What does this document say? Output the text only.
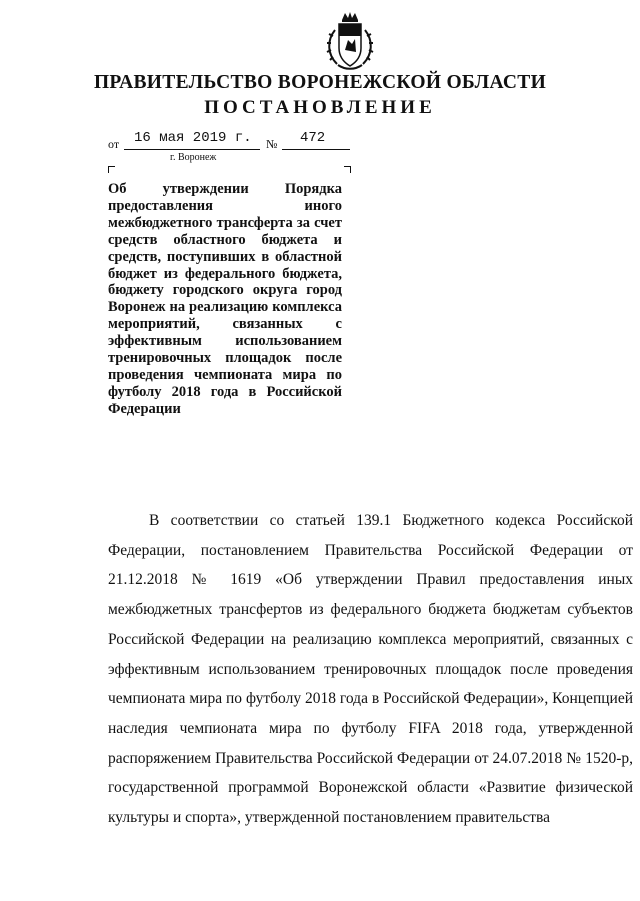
ПРАВИТЕЛЬСТВО ВОРОНЕЖСКОЙ ОБЛАСТИ
ПОСТАНОВЛЕНИЕ
от 16 мая 2019 г. № 472
г. Воронеж

Об утверждении Порядка предоставления иного межбюджетного трансферта за счет средств областного бюджета и средств, поступивших в областной бюджет из федерального бюджета, бюджету городского округа город Воронеж на реализацию комплекса мероприятий, связанных с эффективным использованием тренировочных площадок после проведения чемпионата мира по футболу 2018 года в Российской Федерации

В соответствии со статьей 139.1 Бюджетного кодекса Российской Федерации, постановлением Правительства Российской Федерации от 21.12.2018 № 1619 «Об утверждении Правил предоставления иных межбюджетных трансфертов из федерального бюджета бюджетам субъектов Российской Федерации на реализацию комплекса мероприятий, связанных с эффективным использованием тренировочных площадок после проведения чемпионата мира по футболу 2018 года в Российской Федерации», Концепцией наследия чемпионата мира по футболу FIFA 2018 года, утвержденной распоряжением Правительства Российской Федерации от 24.07.2018 № 1520-р, государственной программой Воронежской области «Развитие физической культуры и спорта», утвержденной постановлением правительства
